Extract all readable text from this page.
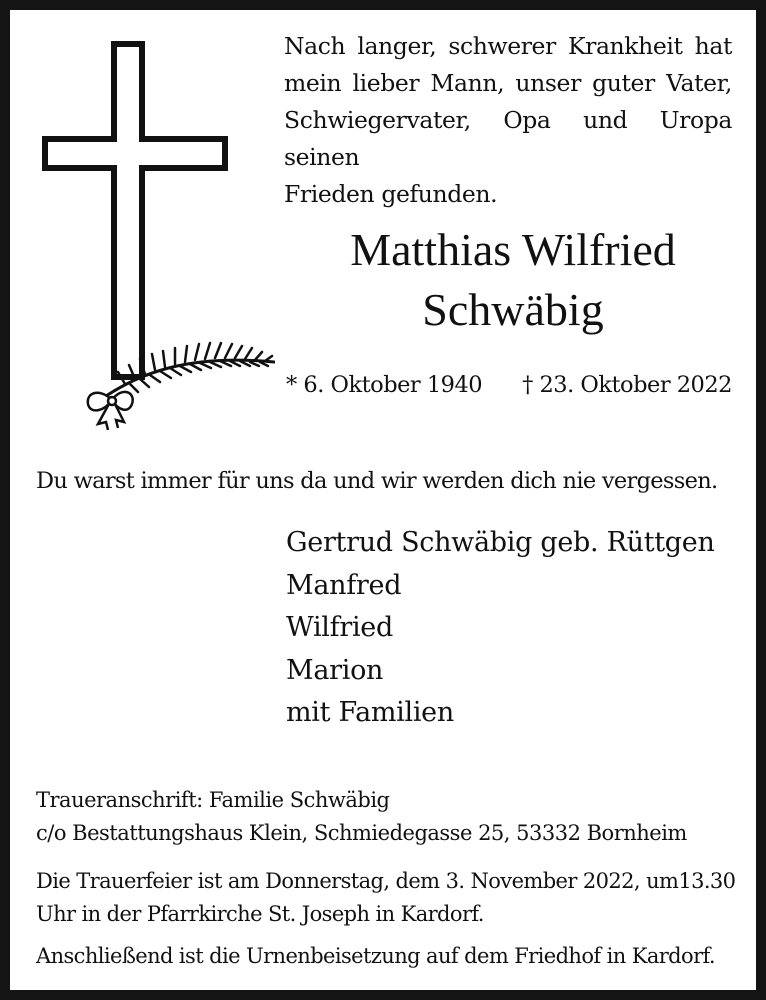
Nach langer, schwerer Krankheit hat
mein lieber Mann, unser guter Vater,
Schwiegervater, Opa und Uropa seinen
Frieden gefunden.
Matthias Wilfried
Schwäbig
* 6. Oktober 1940 † 23. Oktober 2022
Du warst immer für uns da und wir werden dich nie vergessen.
Gertrud Schwäbig geb. Rüttgen
Manfred
Wilfried
Marion
mit Familien
Traueranschrift: Familie Schwäbig
c/o Bestattungshaus Klein, Schmiedegasse 25, 53332 Bornheim
Die Trauerfeier ist am Donnerstag, dem 3. November 2022, um13.30
Uhr in der Pfarrkirche St. Joseph in Kardorf.
Anschließend ist die Urnenbeisetzung auf dem Friedhof in Kardorf.
